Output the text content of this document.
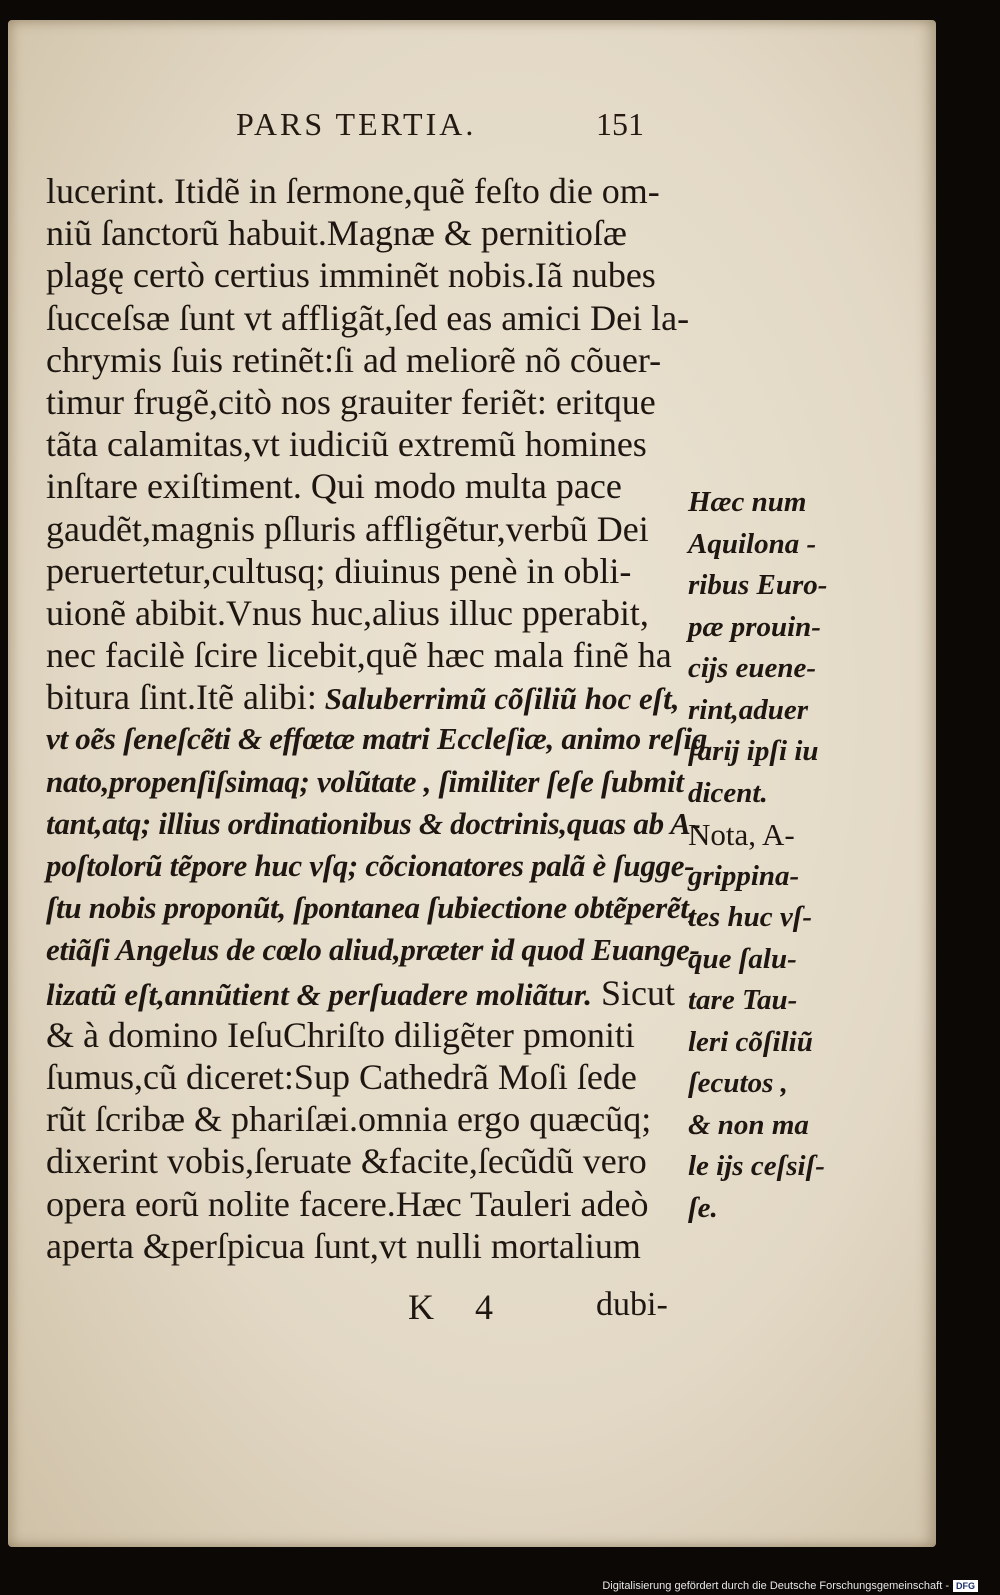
PARS TERTIA.	151
lucerint. Itidẽ in ſermone,quẽ feſto die om-
niũ ſanctorũ habuit.Magnæ & pernitioſæ
plagę certò certius imminẽt nobis.Iã nubes
ſucceſsæ ſunt vt affligãt,ſed eas amici Dei la-
chrymis ſuis retinẽt:ſi ad meliorẽ nõ cõuer-
timur frugẽ,citò nos grauiter feriẽt: eritque
tãta calamitas,vt iudiciũ extremũ homines
inſtare exiſtiment. Qui modo multa pace
gaudẽt,magnis pſluris affligẽtur,verbũ Dei
peruertetur,cultusq; diuinus penè in obli-
uionẽ abibit.Vnus huc,alius illuc pperabit,
nec facilè ſcire licebit,quẽ hæc mala finẽ ha
bitura ſint.Itẽ alibi: Saluberrimũ cõſiliũ hoc eſt,
vt oẽs ſeneſcẽti & effœtæ matri Eccleſiæ, animo reſig
nato,propenſiſsimaq; volũtate , ſimiliter ſeſe ſubmit
tant,atq; illius ordinationibus & doctrinis,quas ab A-
poſtolorũ tẽpore huc vſq; cõcionatores palã è ſugge-
ſtu nobis proponũt, ſpontanea ſubiectione obtẽperẽt,
etiãſi Angelus de cœlo aliud,præter id quod Euange-
lizatũ eſt,annũtient & perſuadere moliãtur. Sicut
& à domino IeſuChriſto diligẽter pmoniti
ſumus,cũ diceret:Sup Cathedrã Moſi ſede
rũt ſcribæ & phariſæi.omnia ergo quæcũq;
dixerint vobis,ſeruate &facite,ſecũdũ vero
opera eorũ nolite facere.Hæc Tauleri adeò
aperta &perſpicua ſunt,vt nulli mortalium
Hæc num
Aquilona -
ribus Euro-
pæ prouin-
cijs euene-
rint,aduer
ſarij ipſi iu
dicent.
Nota, A-
grippina-
tes huc vſ-
que ſalu-
tare Tau-
leri cõſiliũ
ſecutos ,
& non ma
le ijs ceſsiſ-
ſe.
K 4	dubi-
Digitalisierung gefördert durch die Deutsche Forschungsgemeinschaft - DFG
